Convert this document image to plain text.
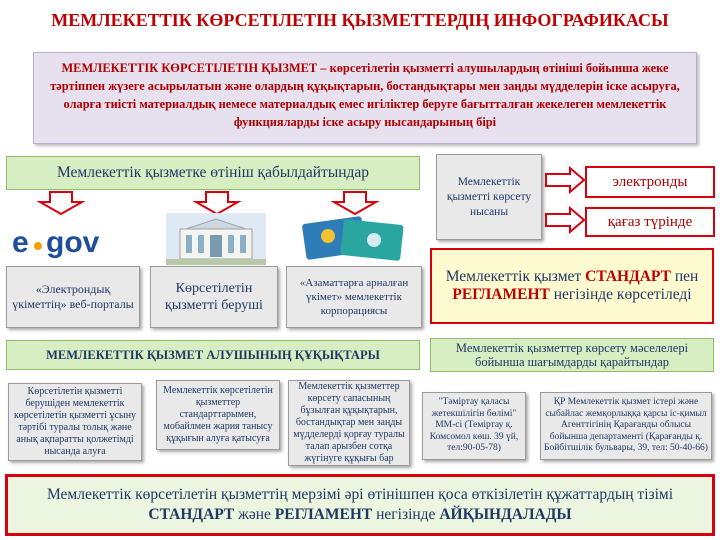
МЕМЛЕКЕТТІК КӨРСЕТІЛЕТІН ҚЫЗМЕТТЕРДІҢ ИНФОГРАФИКАСЫ
МЕМЛЕКЕТТІК КӨРСЕТІЛЕТІН ҚЫЗМЕТ – көрсетілетін қызметті алушылардың өтініші бойынша жеке тәртіппен жүзеге асырылатын және олардың құқықтарын, бостандықтары мен заңды мүдделерін іске асыруға, оларға тиісті материалдық немесе материалдық емес игіліктер беруге бағытталған жекелеген мемлекеттік функцияларды іске асыру нысандарының бірі
Мемлекеттік қызметке өтініш қабылдайтындар
e gov
«Электрондық үкіметтің» веб-порталы
Көрсетілетін қызметті беруші
«Азаматтарға арналған үкімет» мемлекеттік корпорациясы
Мемлекеттік қызметті көрсету нысаны
электронды
қағаз түрінде
Мемлекеттік қызмет СТАНДАРТ пен РЕГЛАМЕНТ негізінде көрсетіледі
МЕМЛЕКЕТТІК ҚЫЗМЕТ АЛУШЫНЫҢ ҚҰҚЫҚТАРЫ	Мемлекеттік қызметтер көрсету мәселелері бойынша шағымдарды қарайтындар
Көрсетілетін қызметті берушіден мемлекеттік көрсетілетін қызметті ұсыну тәртібі туралы толық және анық ақпаратты қолжетімді нысанда алуға
Мемлекеттік көрсетілетін қызметтер стандарттарымен, мобайлмен жария танысу құқығын алуға қатысуға
Мемлекеттік қызметтер көрсету сапасының бұзылған құқықтарын, бостандықтар мен заңды мүдделерді қорғау туралы талап арызбен сотқа жүгінуге құқығы бар
"Тәміртау қаласы жетекшілігін бөлімі" ММ-сі (Теміртау қ. Комсомол көш. 39 үй, тел:90-05-78)
ҚР Мемлекеттік қызмет істері және сыбайлас жемқорлыққа қарсы іс-қимыл Агенттігінің Қарағанды облысы бойынша департаменті (Қарағанды қ. Бойбітшілік бульвары, 39, тел: 50-40-66)
Мемлекеттік көрсетілетін қызметтің мерзімі әрі өтінішпен қоса өткізілетін құжаттардың тізімі
СТАНДАРТ және РЕГЛАМЕНТ негізінде АЙҚЫНДАЛАДЫ
